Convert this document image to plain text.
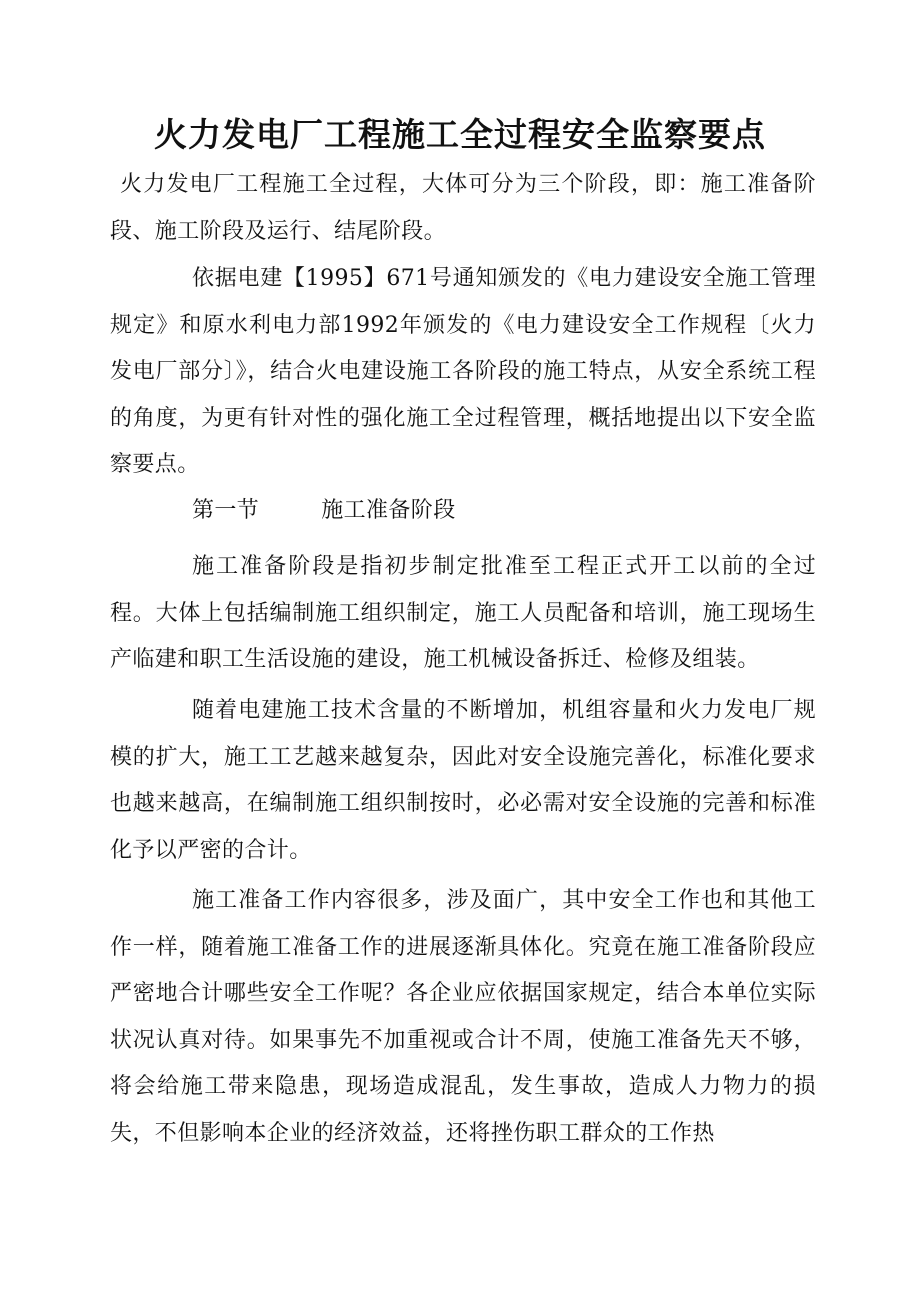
火力发电厂工程施工全过程安全监察要点

火力发电厂工程施工全过程，大体可分为三个阶段，即：施工准备阶段、施工阶段及运行、结尾阶段。

依据电建【1995】671号通知颁发的《电力建设安全施工管理规定》和原水利电力部1992年颁发的《电力建设安全工作规程〔火力发电厂部分〕》，结合火电建设施工各阶段的施工特点，从安全系统工程的角度，为更有针对性的强化施工全过程管理，概括地提出以下安全监察要点。

第一节	施工准备阶段

施工准备阶段是指初步制定批准至工程正式开工以前的全过程。大体上包括编制施工组织制定，施工人员配备和培训，施工现场生产临建和职工生活设施的建设，施工机械设备拆迁、检修及组装。

随着电建施工技术含量的不断增加，机组容量和火力发电厂规模的扩大，施工工艺越来越复杂，因此对安全设施完善化，标准化要求也越来越高，在编制施工组织制按时，必必需对安全设施的完善和标准化予以严密的合计。

施工准备工作内容很多，涉及面广，其中安全工作也和其他工作一样，随着施工准备工作的进展逐渐具体化。究竟在施工准备阶段应严密地合计哪些安全工作呢？各企业应依据国家规定，结合本单位实际状况认真对待。如果事先不加重视或合计不周，使施工准备先天不够，将会给施工带来隐患，现场造成混乱，发生事故，造成人力物力的损失，不但影响本企业的经济效益，还将挫伤职工群众的工作热
